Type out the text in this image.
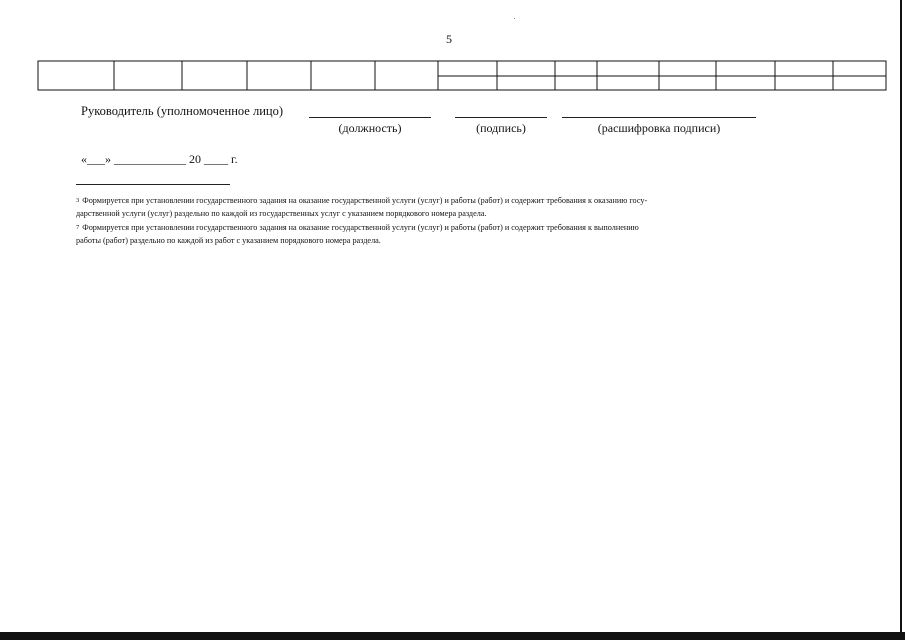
5
Руководитель (уполномоченное лицо)
(должность)	(подпись)	(расшифровка подписи)
«___» ____________ 20 ____ г.
$^3$ Формируется при установлении государственного задания на оказание государственной услуги (услуг) и работы (работ) и содержит требования к оказанию госу-
дарственной услуги (услуг) раздельно по каждой из государственных услуг с указанием порядкового номера раздела.
$^7$ Формируется при установлении государственного задания на оказание государственной услуги (услуг) и работы (работ) и содержит требования к выполнению
работы (работ) раздельно по каждой из работ с указанием порядкового номера раздела.
